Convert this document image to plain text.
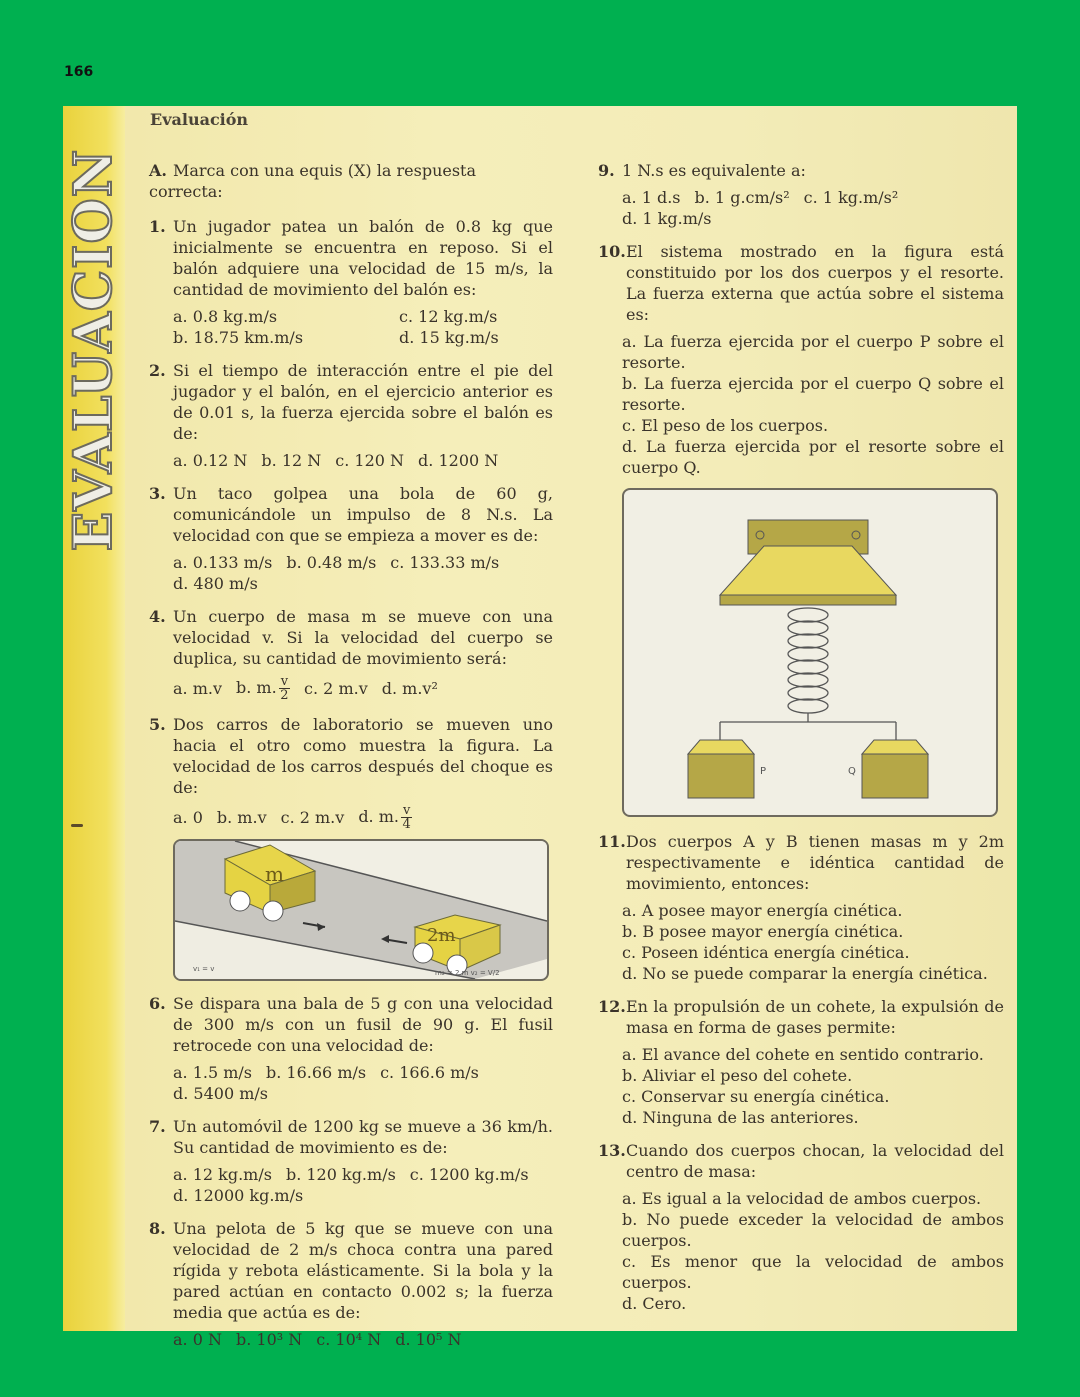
166
EVALUACION
Evaluación
A. Marca con una equis (X) la respuesta correcta:
1. Un jugador patea un balón de 0.8 kg que inicialmente se encuentra en reposo. Si el balón adquiere una velocidad de 15 m/s, la cantidad de movimiento del balón es:
a. 0.8 kg.m/s	c. 12 kg.m/s
b. 18.75 km.m/s	d. 15 kg.m/s
2. Si el tiempo de interacción entre el pie del jugador y el balón, en el ejercicio anterior es de 0.01 s, la fuerza ejercida sobre el balón es de:
a. 0.12 N b. 12 N c. 120 N d. 1200 N
3. Un taco golpea una bola de 60 g, comunicándole un impulso de 8 N.s. La velocidad con que se empieza a mover es de:
a. 0.133 m/s b. 0.48 m/s c. 133.33 m/s
d. 480 m/s
4. Un cuerpo de masa m se mueve con una velocidad v. Si la velocidad del cuerpo se duplica, su cantidad de movimiento será:
a. m.v b. m. $\frac{v}{2} c$. 2 m.v d. m.v²
5. Dos carros de laboratorio se mueven uno hacia el otro como muestra la figura. La velocidad de los carros después del choque es de:
a. 0 b. m.v c. 2 m.v d. m. $\frac{v}{4}$
m
2m
v₁ = v	m₂ = 2 m v₂ = V/2
6. Se dispara una bala de 5 g con una velocidad de 300 m/s con un fusil de 90 g. El fusil retrocede con una velocidad de:
a. 1.5 m/s b. 16.66 m/s c. 166.6 m/s
d. 5400 m/s
7. Un automóvil de 1200 kg se mueve a 36 km/h. Su cantidad de movimiento es de:
a. 12 kg.m/s b. 120 kg.m/s c. 1200 kg.m/s
d. 12000 kg.m/s
8. Una pelota de 5 kg que se mueve con una velocidad de 2 m/s choca contra una pared rígida y rebota elásticamente. Si la bola y la pared actúan en contacto 0.002 s; la fuerza media que actúa es de:
a. 0 N b. 10³ N c. 10⁴ N d. 10⁵ N
9. 1 N.s es equivalente a:
a. 1 d.s b. 1 g.cm/s² c. 1 kg.m/s²
d. 1 kg.m/s
10. El sistema mostrado en la figura está constituido por los dos cuerpos y el resorte. La fuerza externa que actúa sobre el sistema es:
a. La fuerza ejercida por el cuerpo P sobre el resorte.
b. La fuerza ejercida por el cuerpo Q sobre el resorte.
c. El peso de los cuerpos.
d. La fuerza ejercida por el resorte sobre el cuerpo Q.
P	Q
11. Dos cuerpos A y B tienen masas m y 2m respectivamente e idéntica cantidad de movimiento, entonces:
a. A posee mayor energía cinética.
b. B posee mayor energía cinética.
c. Poseen idéntica energía cinética.
d. No se puede comparar la energía cinética.
12. En la propulsión de un cohete, la expulsión de masa en forma de gases permite:
a. El avance del cohete en sentido contrario.
b. Aliviar el peso del cohete.
c. Conservar su energía cinética.
d. Ninguna de las anteriores.
13. Cuando dos cuerpos chocan, la velocidad del centro de masa:
a. Es igual a la velocidad de ambos cuerpos.
b. No puede exceder la velocidad de ambos cuerpos.
c. Es menor que la velocidad de ambos cuerpos.
d. Cero.
